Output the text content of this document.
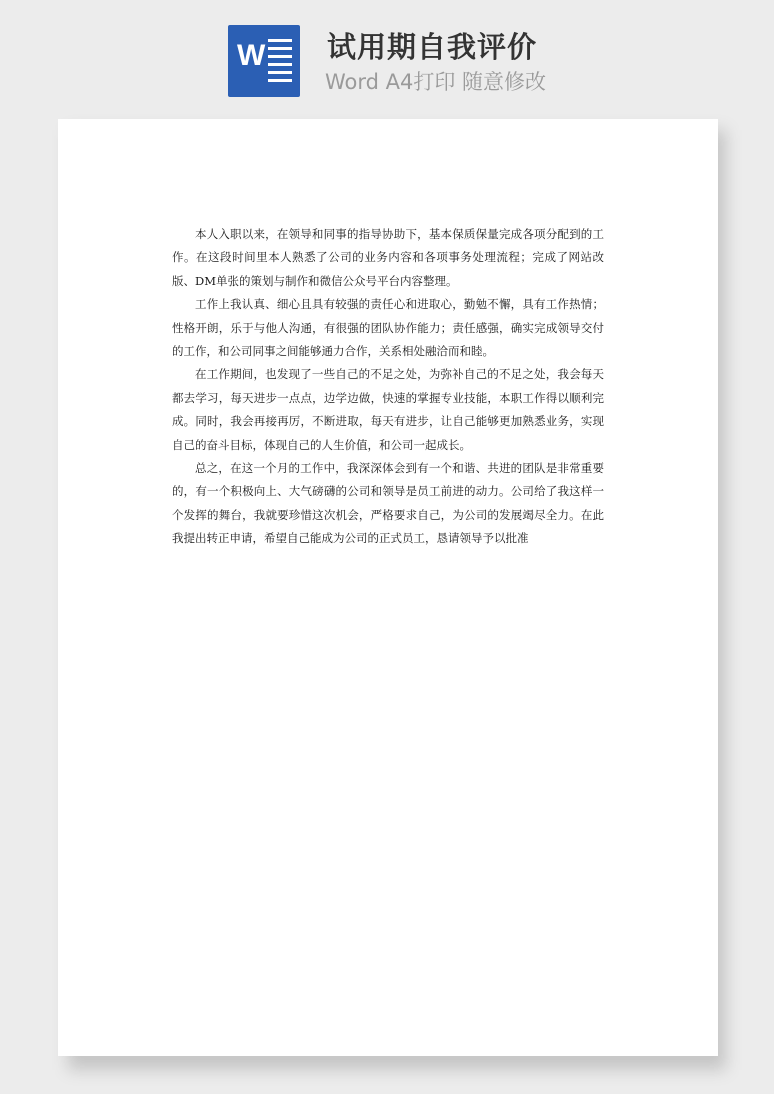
W 试用期自我评价
Word A4打印 随意修改

本人入职以来，在领导和同事的指导协助下，基本保质保量完成各项分配到的工作。在这段时间里本人熟悉了公司的业务内容和各项事务处理流程；完成了网站改版、DM单张的策划与制作和微信公众号平台内容整理。

工作上我认真、细心且具有较强的责任心和进取心，勤勉不懈，具有工作热情；性格开朗，乐于与他人沟通，有很强的团队协作能力；责任感强，确实完成领导交付的工作，和公司同事之间能够通力合作，关系相处融洽而和睦。

在工作期间，也发现了一些自己的不足之处，为弥补自己的不足之处，我会每天都去学习，每天进步一点点，边学边做，快速的掌握专业技能，本职工作得以顺利完成。同时，我会再接再厉，不断进取，每天有进步，让自己能够更加熟悉业务，实现自己的奋斗目标，体现自己的人生价值，和公司一起成长。

总之，在这一个月的工作中，我深深体会到有一个和谐、共进的团队是非常重要的，有一个积极向上、大气磅礴的公司和领导是员工前进的动力。公司给了我这样一个发挥的舞台，我就要珍惜这次机会，严格要求自己，为公司的发展竭尽全力。在此我提出转正申请，希望自己能成为公司的正式员工，恳请领导予以批准
